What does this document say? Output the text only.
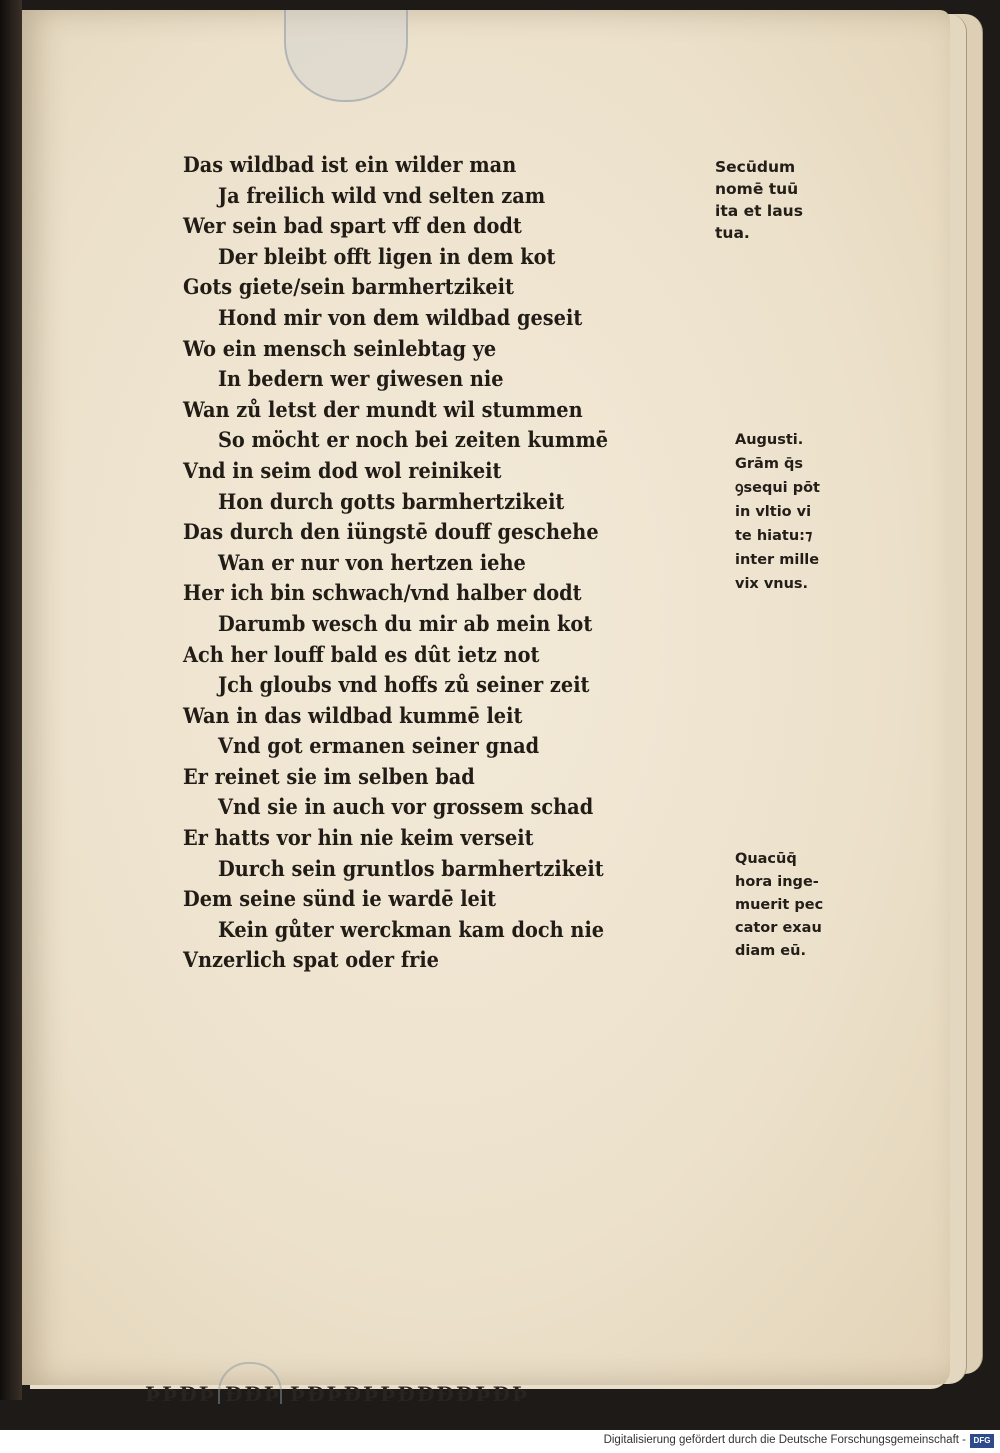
Das wildbad ist ein wilder man
Ja freilich wild vnd selten zam
Wer sein bad spart vff den dodt
Der bleibt offt ligen in dem kot
Gots giete/sein barmhertzikeit
Hond mir von dem wildbad geseit
Wo ein mensch seinlebtag ye
In bedern wer giwesen nie
Wan zů letst der mundt wil stummen
So möcht er noch bei zeiten kummē
Vnd in seim dod wol reinikeit
Hon durch gotts barmhertzikeit
Das durch den iüngstē douff geschehe
Wan er nur von hertzen iehe
Her ich bin schwach/vnd halber dodt
Darumb wesch du mir ab mein kot
Ach her louff bald es dût ietz not
Jch gloubs vnd hoffs zů seiner zeit
Wan in das wildbad kummē leit
Vnd got ermanen seiner gnad
Er reinet sie im selben bad
Vnd sie in auch vor grossem schad
Er hatts vor hin nie keim verseit
Durch sein gruntlos barmhertzikeit
Dem seine sünd ie wardē leit
Kein gůter werckman kam doch nie
Vnzerlich spat oder frie
Secūdum
nomē tuū
ita et laus
tua.
Augusti.
Grām q̄s
ꝯsequi pōt
in vltio vi
te hiatu:⁊
inter mille
vix vnus.
Quacūq̄
hora inge-
muerit pec
cator exau
diam eū.
ÞÞÐÞ ÐÐÞ ÞÐÞÐÞÞÐÐÐÐÞÐÞ
Digitalisierung gefördert durch die Deutsche Forschungsgemeinschaft - DFG
